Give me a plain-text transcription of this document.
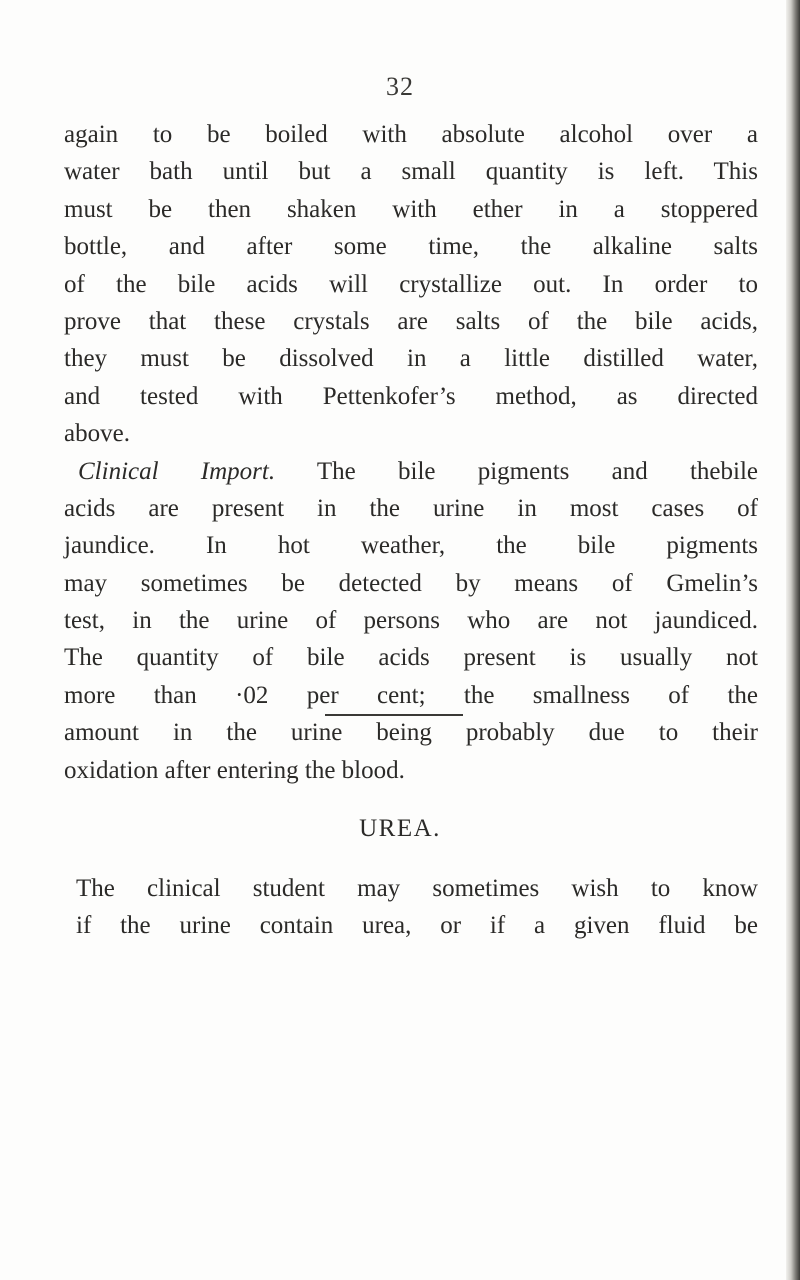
32
again to be boiled with absolute alcohol over a
water bath until but a small quantity is left. This
must be then shaken with ether in a stoppered
bottle, and after some time, the alkaline salts
of the bile acids will crystallize out. In order to
prove that these crystals are salts of the bile acids,
they must be dissolved in a little distilled water,
and tested with Pettenkofer’s method, as directed
above.
Clinical Import. The bile pigments and thebile
acids are present in the urine in most cases of
jaundice. In hot weather, the bile pigments
may sometimes be detected by means of Gmelin’s
test, in the urine of persons who are not jaundiced.
The quantity of bile acids present is usually not
more than ·02 per cent; the smallness of the
amount in the urine being probably due to their
oxidation after entering the blood.
UREA.
The clinical student may sometimes wish to know
if the urine contain urea, or if a given fluid be
